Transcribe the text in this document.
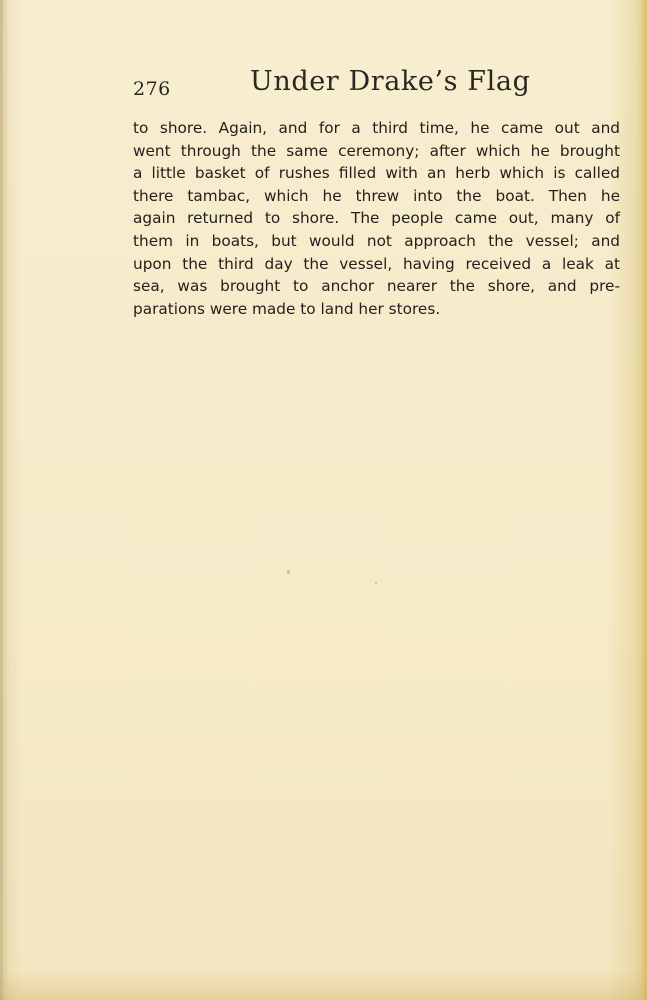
276	Under Drake’s Flag
to shore. Again, and for a third time, he came out and
went through the same ceremony; after which he brought
a little basket of rushes filled with an herb which is called
there tambac, which he threw into the boat. Then he
again returned to shore. The people came out, many of
them in boats, but would not approach the vessel; and
upon the third day the vessel, having received a leak at
sea, was brought to anchor nearer the shore, and pre-
parations were made to land her stores.
